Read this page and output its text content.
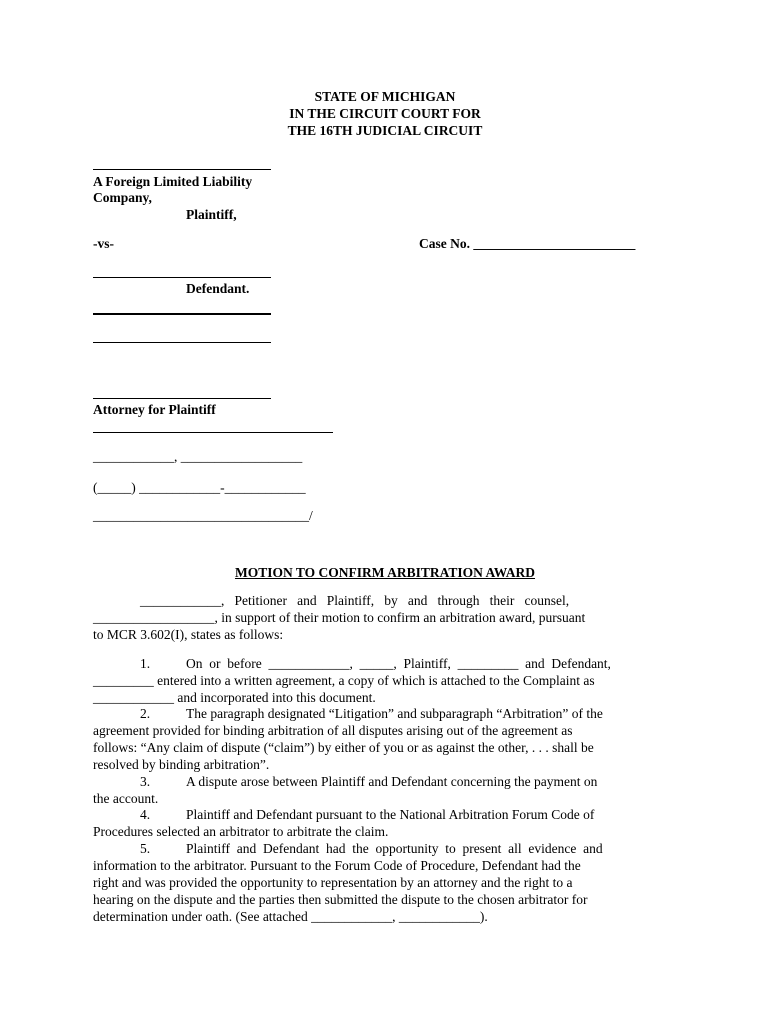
STATE OF MICHIGAN
IN THE CIRCUIT COURT FOR
THE 16TH JUDICIAL CIRCUIT
A Foreign Limited Liability
Company,
Plaintiff,
-vs-	Case No. ________________________
Defendant.
Attorney for Plaintiff
____________, __________________
(_____) ____________-____________
________________________________/
MOTION TO CONFIRM ARBITRATION AWARD
____________,   Petitioner   and   Plaintiff,   by   and   through   their   counsel,
__________________, in support of their motion to confirm an arbitration award, pursuant
to MCR 3.602(I), states as follows:
1.	On  or  before  ____________,  _____,  Plaintiff,  _________  and  Defendant,
_________ entered into a written agreement, a copy of which is attached to the Complaint as
____________ and incorporated into this document.
2.	The paragraph designated “Litigation” and subparagraph “Arbitration” of the
agreement provided for binding arbitration of all disputes arising out of the agreement as
follows: “Any claim of dispute (“claim”) by either of you or as against the other, . . . shall be
resolved by binding arbitration”.
3.	A dispute arose between Plaintiff and Defendant concerning the payment on
the account.
4.	Plaintiff and Defendant pursuant to the National Arbitration Forum Code of
Procedures selected an arbitrator to arbitrate the claim.
5.	Plaintiff  and  Defendant  had  the  opportunity  to  present  all  evidence  and
information to the arbitrator. Pursuant to the Forum Code of Procedure, Defendant had the
right and was provided the opportunity to representation by an attorney and the right to a
hearing on the dispute and the parties then submitted the dispute to the chosen arbitrator for
determination under oath. (See attached ____________, ____________).
